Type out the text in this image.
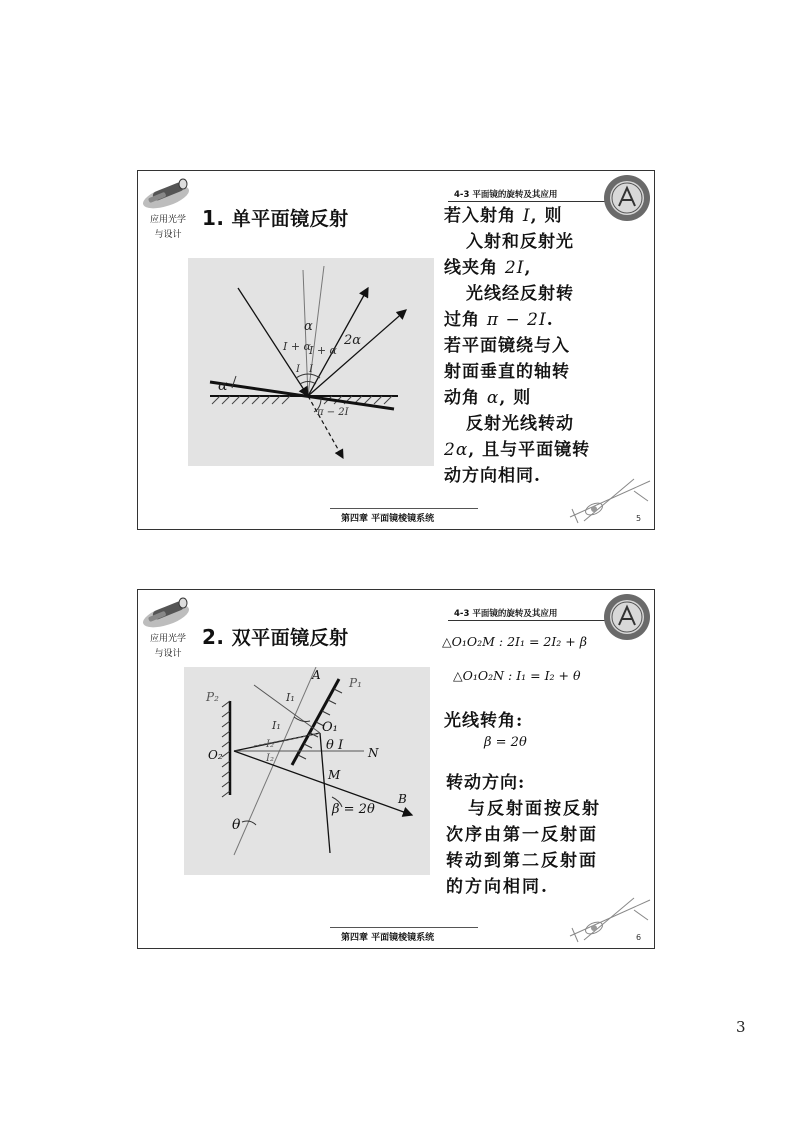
应用光学
与设计
1. 单平面镜反射
4-3 平面镜的旋转及其应用
α
I + α
I + α
2α
I I
α
π − 2I

若入射角 I, 则

入射和反射光

线夹角 2I,

光线经反射转

过角 π − 2I.

若平面镜绕与入

射面垂直的轴转

动角 α, 则

反射光线转动

2α, 且与平面镜转

动方向相同.

第四章 平面镜棱镜系统	5
应用光学
与设计
2. 双平面镜反射
4-3 平面镜的旋转及其应用
P₂
P₁
A
O₁
O₂	N
M
B
θ I
I₁
I₁
I₂
I₂
θ
β = 2θ
△O₁O₂M : 2I₁ = 2I₂ + β
△O₁O₂N : I₁ = I₂ + θ
光线转角:
β = 2θ
转动方向:

与反射面按反射

次序由第一反射面

转动到第二反射面

的方向相同.

第四章 平面镜棱镜系统	6
3
